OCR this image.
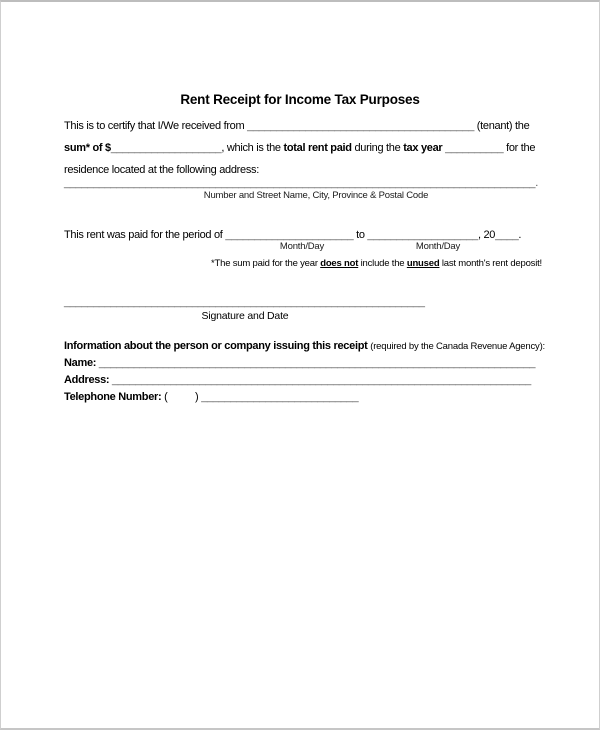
Rent Receipt for Income Tax Purposes
This is to certify that I/We received from _______________________________________ (tenant) the
sum* of $___________________, which is the total rent paid during the tax year __________ for the
residence located at the following address:
_________________________________________________________________________________.
Number and Street Name, City, Province & Postal Code
This rent was paid for the period of ______________________ to ___________________, 20____.
Month/Day	Month/Day
*The sum paid for the year does not include the unused last month's rent deposit!
______________________________________________________________
Signature and Date
Information about the person or company issuing this receipt (required by the Canada Revenue Agency):
Name: ___________________________________________________________________________
Address: ________________________________________________________________________
Telephone Number: (          ) ___________________________
